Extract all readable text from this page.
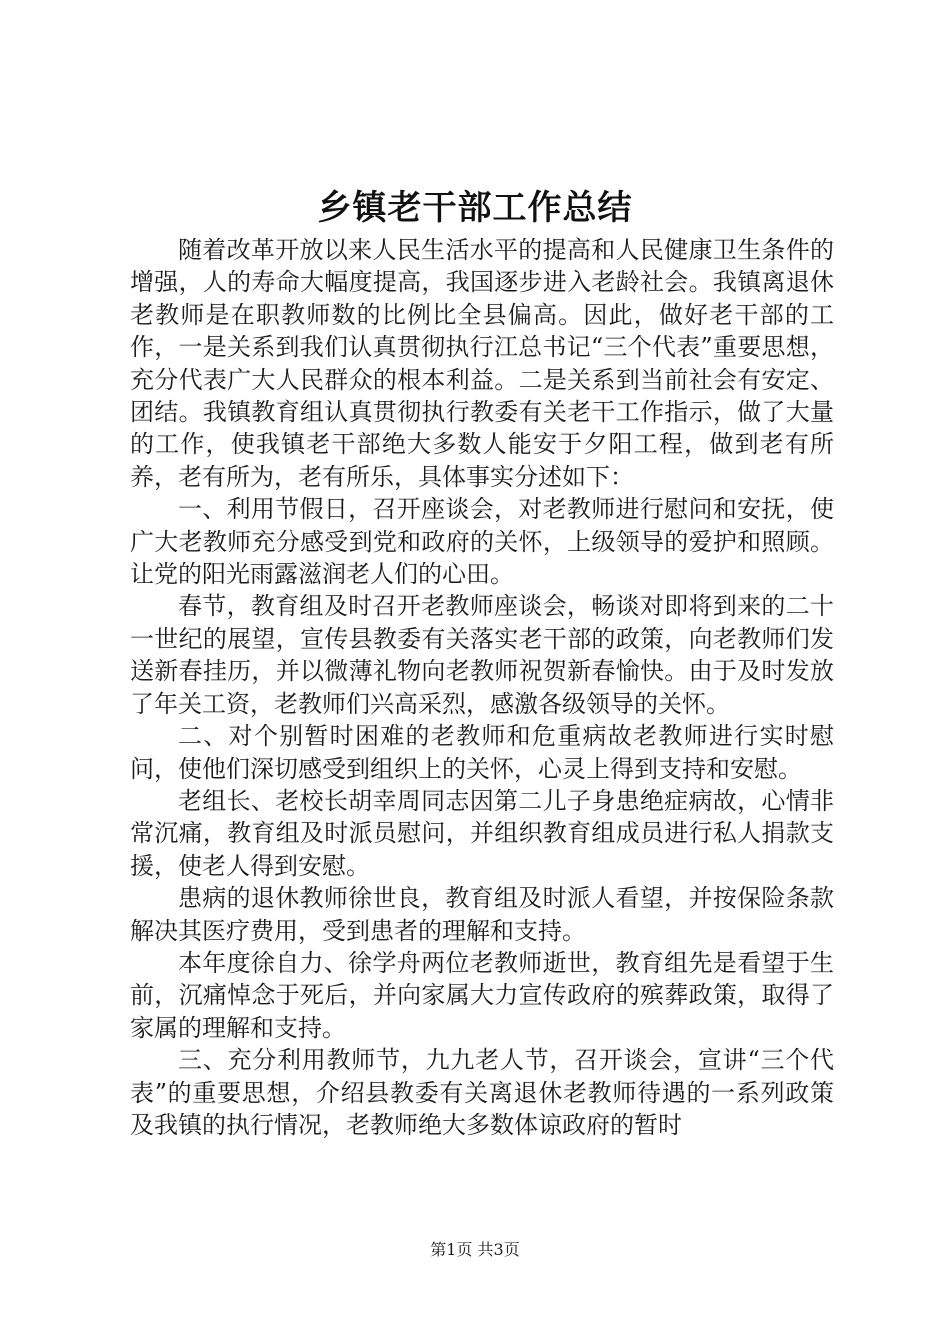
乡镇老干部工作总结

随着改革开放以来人民生活水平的提高和人民健康卫生条件的增强，人的寿命大幅度提高，我国逐步进入老龄社会。我镇离退休老教师是在职教师数的比例比全县偏高。因此，做好老干部的工作，一是关系到我们认真贯彻执行江总书记“三个代表”重要思想，充分代表广大人民群众的根本利益。二是关系到当前社会有安定、团结。我镇教育组认真贯彻执行教委有关老干工作指示，做了大量的工作，使我镇老干部绝大多数人能安于夕阳工程，做到老有所养，老有所为，老有所乐，具体事实分述如下：

一、利用节假日，召开座谈会，对老教师进行慰问和安抚，使广大老教师充分感受到党和政府的关怀，上级领导的爱护和照顾。让党的阳光雨露滋润老人们的心田。

春节，教育组及时召开老教师座谈会，畅谈对即将到来的二十一世纪的展望，宣传县教委有关落实老干部的政策，向老教师们发送新春挂历，并以微薄礼物向老教师祝贺新春愉快。由于及时发放了年关工资，老教师们兴高采烈，感激各级领导的关怀。

二、对个别暂时困难的老教师和危重病故老教师进行实时慰问，使他们深切感受到组织上的关怀，心灵上得到支持和安慰。

老组长、老校长胡幸周同志因第二儿子身患绝症病故，心情非常沉痛，教育组及时派员慰问，并组织教育组成员进行私人捐款支援，使老人得到安慰。

患病的退休教师徐世良，教育组及时派人看望，并按保险条款解决其医疗费用，受到患者的理解和支持。

本年度徐自力、徐学舟两位老教师逝世，教育组先是看望于生前，沉痛悼念于死后，并向家属大力宣传政府的殡葬政策，取得了家属的理解和支持。

三、充分利用教师节，九九老人节，召开谈会，宣讲“三个代表”的重要思想，介绍县教委有关离退休老教师待遇的一系列政策及我镇的执行情况，老教师绝大多数体谅政府的暂时

第1页 共3页
